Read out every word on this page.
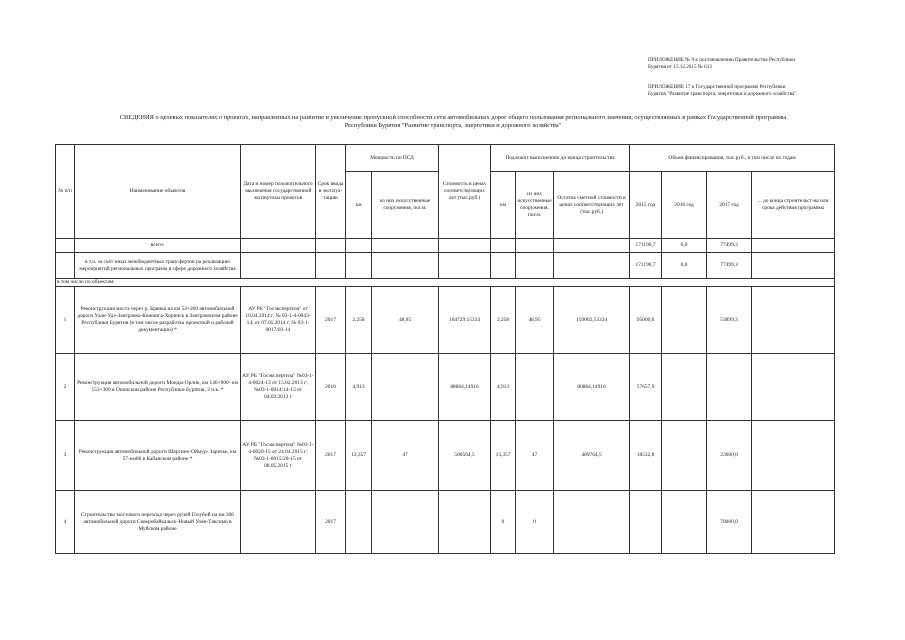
ПРИЛОЖЕНИЕ № 9 к постановлению Правительства Республики
Бурятия от 15.12.2015 № 613
ПРИЛОЖЕНИЕ 17 к Государственной программе Республики
Бурятия "Развитие транспорта, энергетики и дорожного хозяйства"
СВЕДЕНИЯ о целевых показателях о проектах, направленных на развитие и увеличение пропускной способности сети автомобильных дорог общего пользования регионального значения, осуществляемых в рамках Государственной программы
Республики Бурятия "Развитие транспорта, энергетики и дорожного хозяйства"
№ п/п	Наименование объектов	Дата и номер положительного заключения государственной экспертизы проектов	Срок ввода в эксплуа-тацию	Мощность по ПСД		Стоимость в ценах соответствующих лет (тыс.руб.)	Подлежит выполнению до конца строительства			Объем финансирования, тыс.руб., в том числе по годам			
				км	из них искусственные сооружения, пог.м.		км	из них искусственные сооружения, пог.м.	Остаток сметной стоимости в ценах соответствующих лет (тыс.руб.)	2015 год	2016 год	2017 год	... до конца строительст-ва или срока действия программы
	всего:									171190,7	0,0	77499,3	
	в т.ч. за счёт иных межбюджетных трансфертов на реализацию мероприятий региональных программ в сфере дорожного хозяйства									171190,7	0,0	77499,3	
в том числе по объектам:													
1	Реконструкция моста через р. Брянка на км 54+200 автомобильной дороги Улан-Удэ-Заиграево-Кижинга-Хоринск в Заиграевском районе Республики Бурятия (в том числе разработка проектной и рабочей документации) *	АУ РБ "Госэкспертиза" от 10.04.2014 г. № 03-1-4-0043-14; от 07.05.2014 г. № 03-1-0017/03-14	2017	2,258	48,95	164729,15334	2,258	48,95	159002,53334	95000,0		53899,3	
2	Реконструкция автомобильной дороги Монды-Орлик, км 146+900- км 153+300 в Окинском районе Республики Бурятия, 2 п.к. *	АУ РБ "Госэкспертиза" №03-1-4-0024-13 от 15.02.2013 г; №03-1-0014/14-13 от 04.03.2013 г	2016	4,913		88864,14916	4,913		80864,14916	57657,9			
3	Реконструкция автомобильной дороги Шергино-Оймур- Заречье, км 57-км68 в Кабанском районе *	АУ РБ "Госэкспертиза" №03-1-4-0020-15 от 24.04.2015 г; №03-1-0015/20-15 от 08.05.2015 г	2017	13,357	47	500564,5	13,357	47	489764,5	18532,8		23600,0	
4	Строительство мостового перехода через ручей Голубой на км 306 автомобильной дороги Северобайкальск-Новый Уоян-Таксимо в Муйском районе		2017				0	0				70000,0	
